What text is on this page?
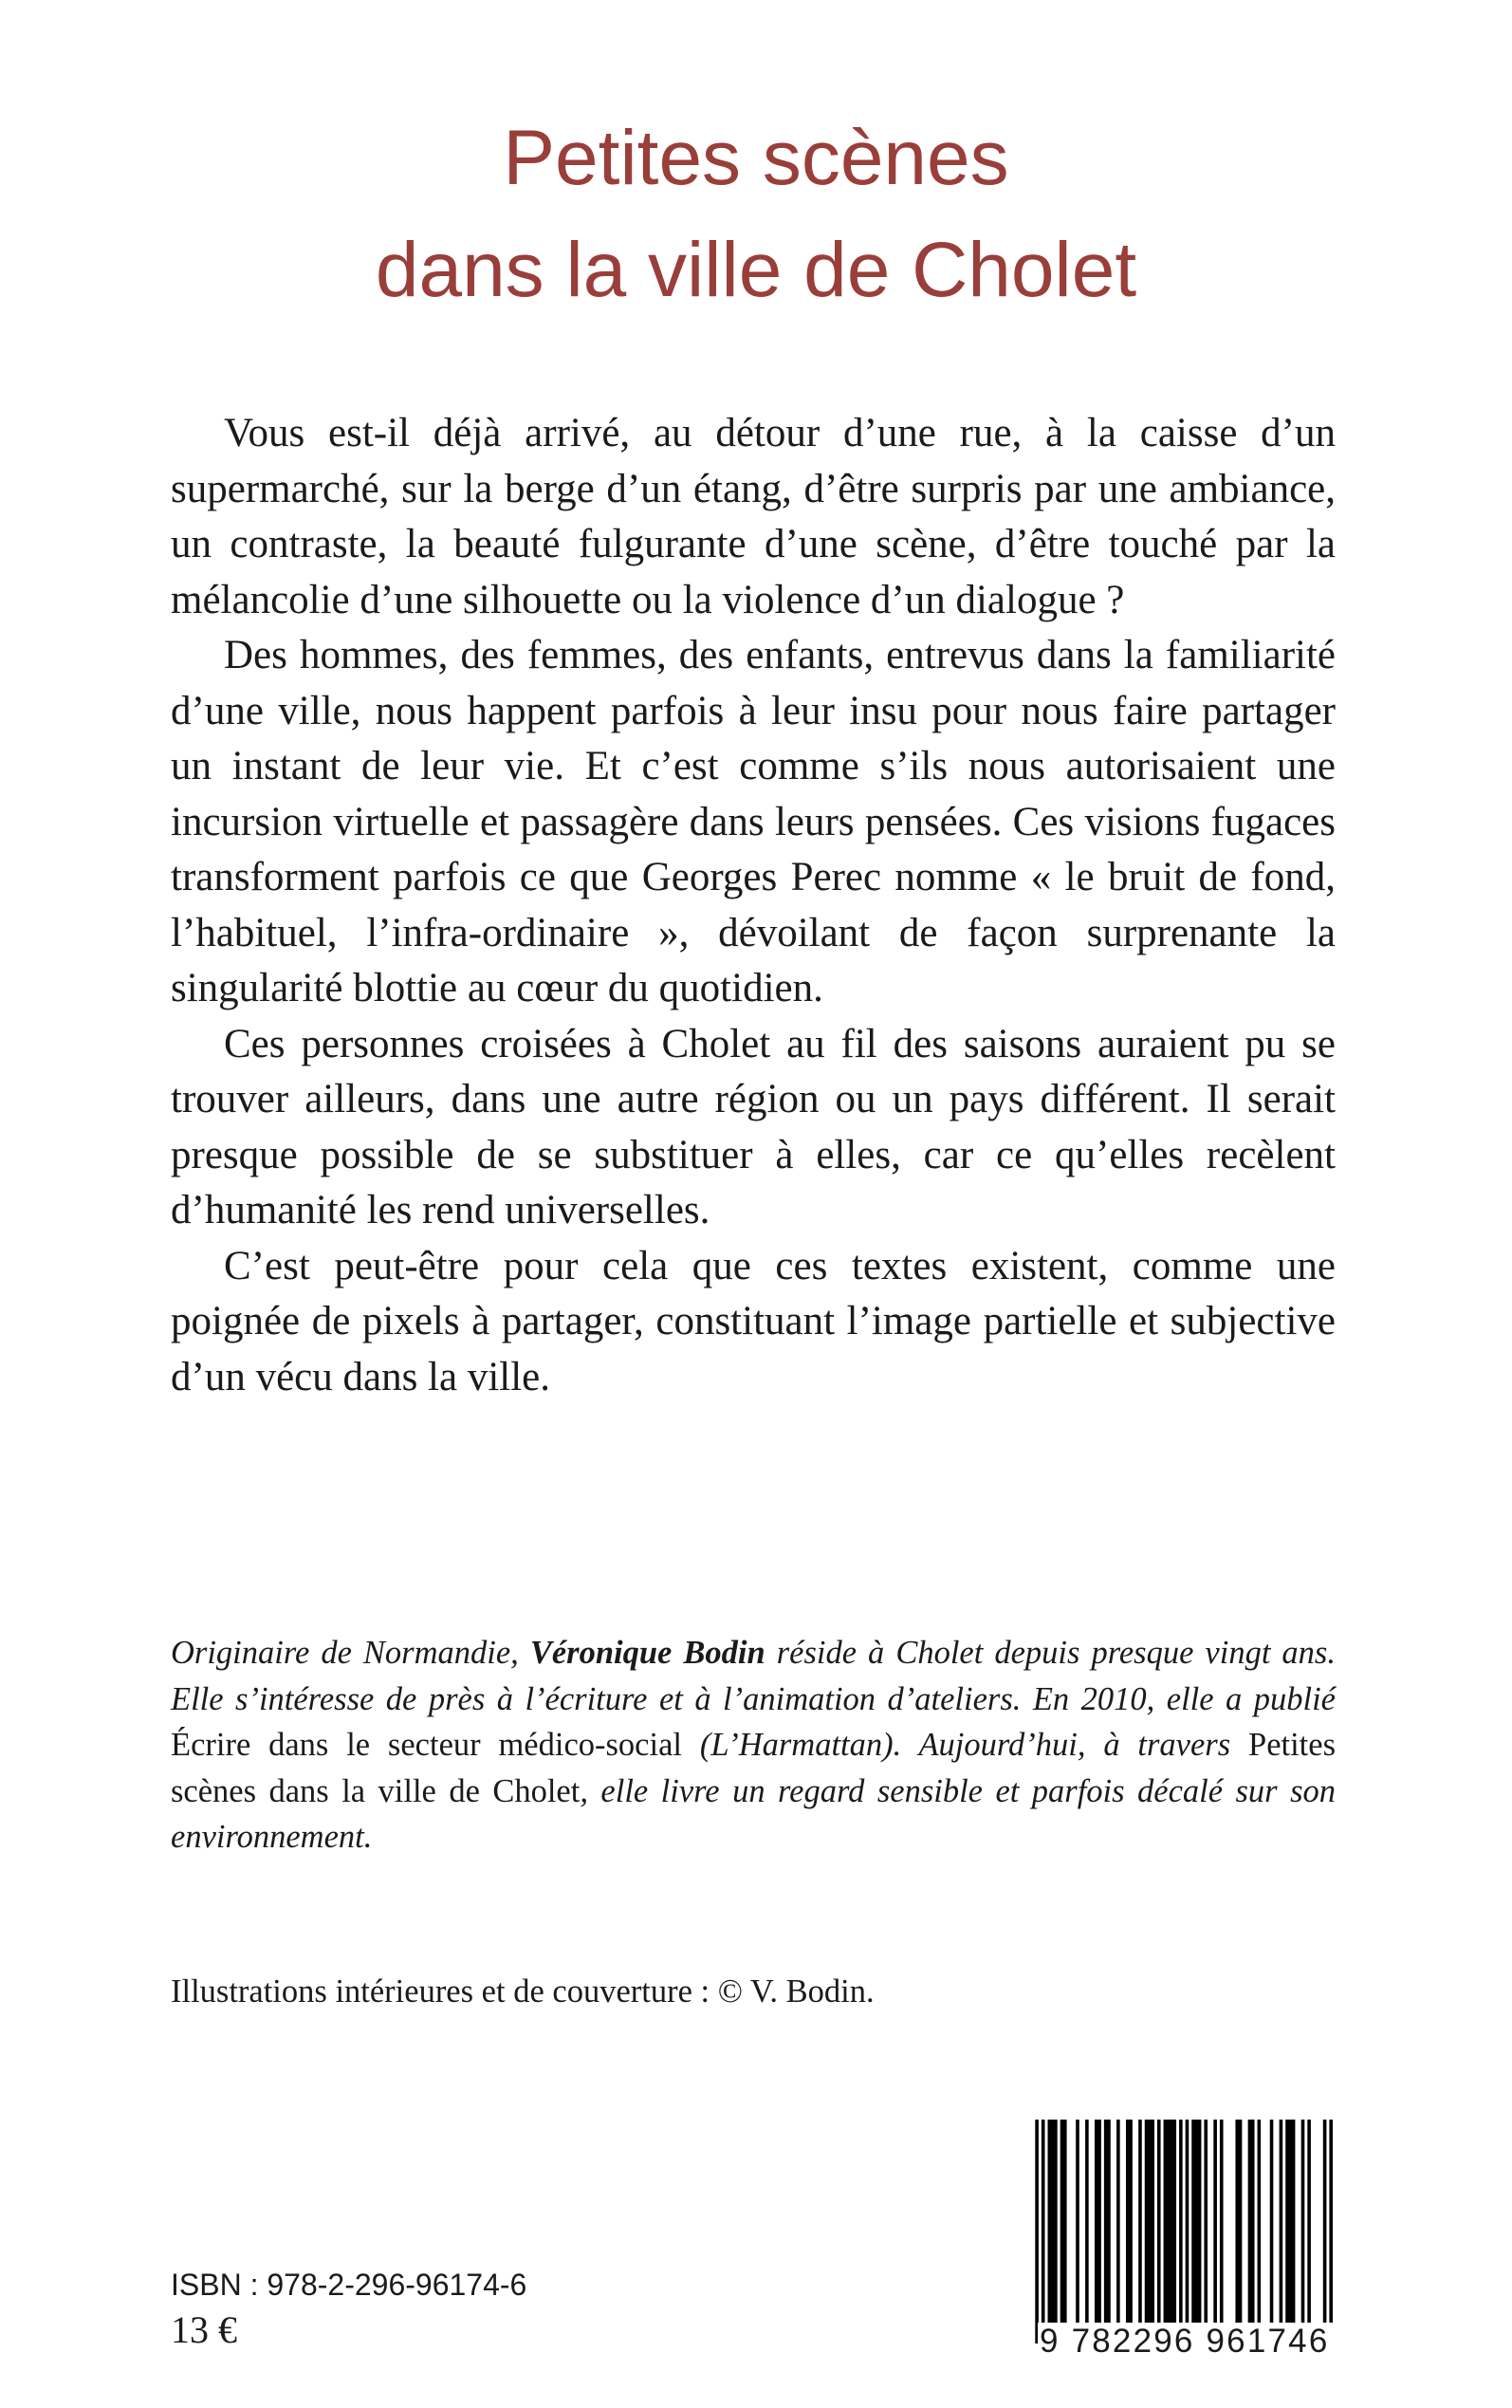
Petites scènes
dans la ville de Cholet

Vous est-il déjà arrivé, au détour d’une rue, à la caisse d’un supermarché, sur la berge d’un étang, d’être surpris par une ambiance, un contraste, la beauté fulgurante d’une scène, d’être touché par la mélancolie d’une silhouette ou la violence d’un dialogue ?

Des hommes, des femmes, des enfants, entrevus dans la familiarité d’une ville, nous happent parfois à leur insu pour nous faire partager un instant de leur vie. Et c’est comme s’ils nous autorisaient une incursion virtuelle et passagère dans leurs pensées. Ces visions fugaces transforment parfois ce que Georges Perec nomme « le bruit de fond, l’habituel, l’infra-ordinaire », dévoilant de façon surprenante la singularité blottie au cœur du quotidien.

Ces personnes croisées à Cholet au fil des saisons auraient pu se trouver ailleurs, dans une autre région ou un pays différent. Il serait presque possible de se substituer à elles, car ce qu’elles recèlent d’humanité les rend universelles.

C’est peut-être pour cela que ces textes existent, comme une poignée de pixels à partager, constituant l’image partielle et subjective d’un vécu dans la ville.

Originaire de Normandie, Véronique Bodin réside à Cholet depuis presque vingt ans. Elle s’intéresse de près à l’écriture et à l’animation d’ateliers. En 2010, elle a publié Écrire dans le secteur médico-social (L’Harmattan). Aujourd’hui, à travers Petites scènes dans la ville de Cholet, elle livre un regard sensible et parfois décalé sur son environnement.
Illustrations intérieures et de couverture : © V. Bodin.
ISBN : 978-2-296-96174-6
13 €	9 782296 961746
